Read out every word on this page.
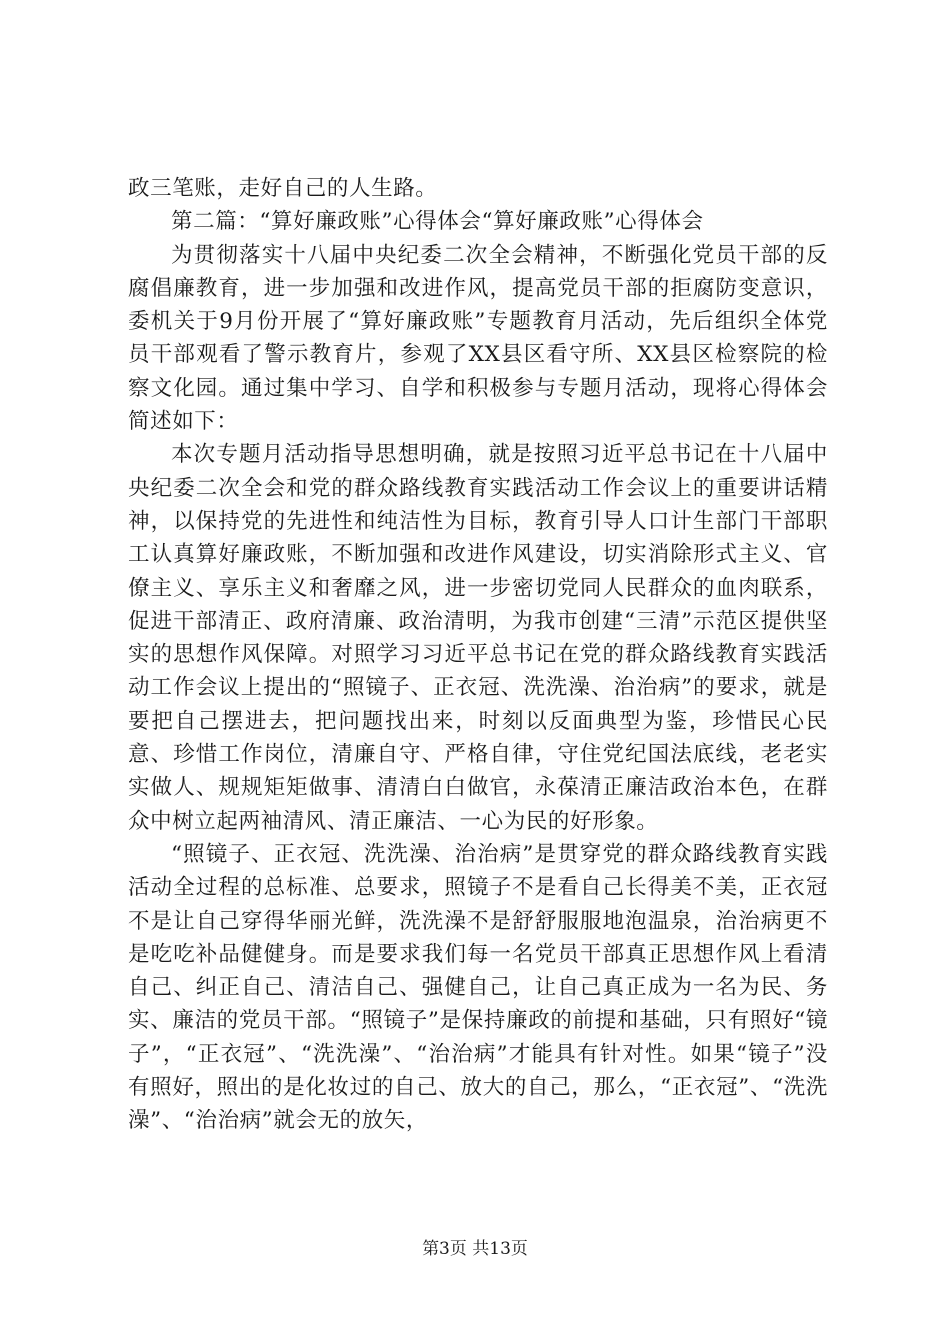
政三笔账，走好自己的人生路。

第二篇：“算好廉政账”心得体会“算好廉政账”心得体会

为贯彻落实十八届中央纪委二次全会精神，不断强化党员干部的反腐倡廉教育，进一步加强和改进作风，提高党员干部的拒腐防变意识，委机关于9月份开展了“算好廉政账”专题教育月活动，先后组织全体党员干部观看了警示教育片，参观了XX县区看守所、XX县区检察院的检察文化园。通过集中学习、自学和积极参与专题月活动，现将心得体会简述如下：

本次专题月活动指导思想明确，就是按照习近平总书记在十八届中央纪委二次全会和党的群众路线教育实践活动工作会议上的重要讲话精神，以保持党的先进性和纯洁性为目标，教育引导人口计生部门干部职工认真算好廉政账，不断加强和改进作风建设，切实消除形式主义、官僚主义、享乐主义和奢靡之风，进一步密切党同人民群众的血肉联系，促进干部清正、政府清廉、政治清明，为我市创建“三清”示范区提供坚实的思想作风保障。对照学习习近平总书记在党的群众路线教育实践活动工作会议上提出的“照镜子、正衣冠、洗洗澡、治治病”的要求，就是要把自己摆进去，把问题找出来，时刻以反面典型为鉴，珍惜民心民意、珍惜工作岗位，清廉自守、严格自律，守住党纪国法底线，老老实实做人、规规矩矩做事、清清白白做官，永葆清正廉洁政治本色，在群众中树立起两袖清风、清正廉洁、一心为民的好形象。

“照镜子、正衣冠、洗洗澡、治治病”是贯穿党的群众路线教育实践活动全过程的总标准、总要求，照镜子不是看自己长得美不美，正衣冠不是让自己穿得华丽光鲜，洗洗澡不是舒舒服服地泡温泉，治治病更不是吃吃补品健健身。而是要求我们每一名党员干部真正思想作风上看清自己、纠正自己、清洁自己、强健自己，让自己真正成为一名为民、务实、廉洁的党员干部。“照镜子”是保持廉政的前提和基础，只有照好“镜子”，“正衣冠”、“洗洗澡”、“治治病”才能具有针对性。如果“镜子”没有照好，照出的是化妆过的自己、放大的自己，那么，“正衣冠”、“洗洗澡”、“治治病”就会无的放矢，

第3页 共13页
